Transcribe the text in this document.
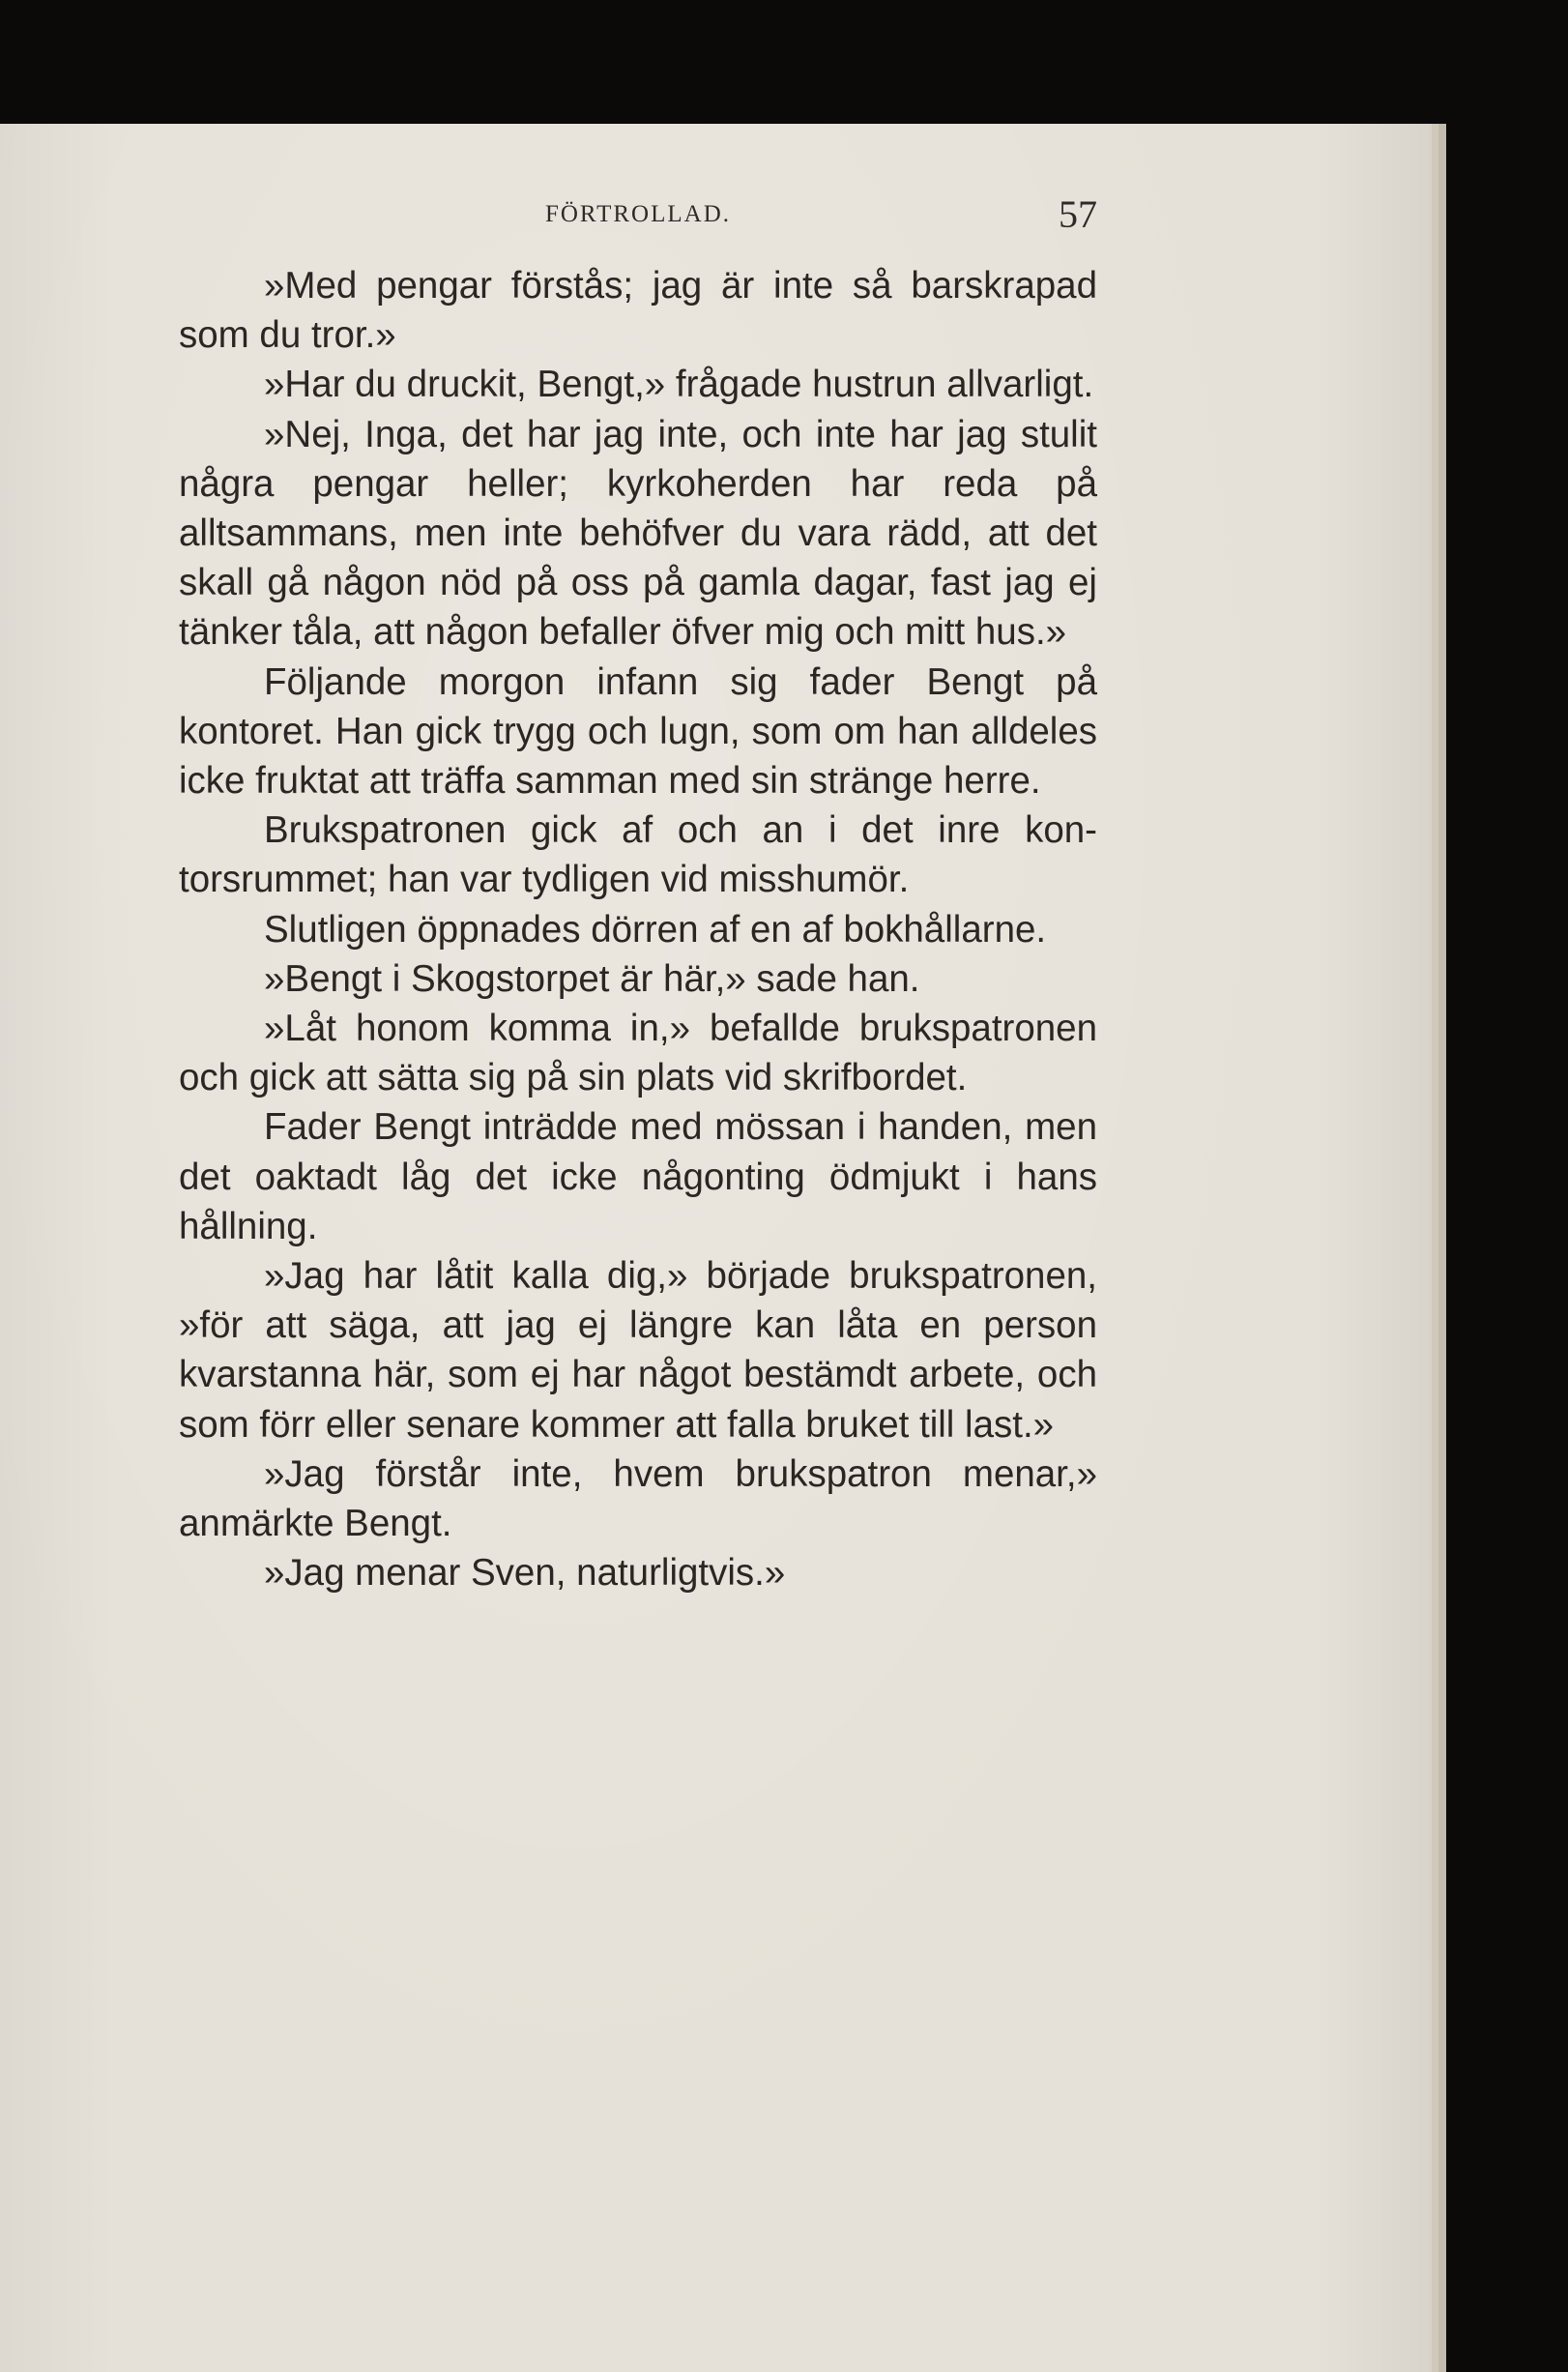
FÖRTROLLAD.	57

»Med pengar förstås; jag är inte så barskrapad som du tror.»

»Har du druckit, Bengt,» frågade hustrun allvarligt.

»Nej, Inga, det har jag inte, och inte har jag stulit några pengar heller; kyrkoherden har reda på alltsammans, men inte behöfver du vara rädd, att det skall gå någon nöd på oss på gamla dagar, fast jag ej tänker tåla, att någon befaller öfver mig och mitt hus.»

Följande morgon infann sig fader Bengt på kontoret. Han gick trygg och lugn, som om han alldeles icke fruktat att träffa samman med sin stränge herre.

Brukspatronen gick af och an i det inre kontorsrummet; han var tydligen vid misshumör.

Slutligen öppnades dörren af en af bokhållarne.

»Bengt i Skogstorpet är här,» sade han.

»Låt honom komma in,» befallde brukspatronen och gick att sätta sig på sin plats vid skrifbordet.

Fader Bengt inträdde med mössan i handen, men det oaktadt låg det icke någonting ödmjukt i hans hållning.

»Jag har låtit kalla dig,» började brukspatronen, »för att säga, att jag ej längre kan låta en person kvarstanna här, som ej har något bestämdt arbete, och som förr eller senare kommer att falla bruket till last.»

»Jag förstår inte, hvem brukspatron menar,» anmärkte Bengt.

»Jag menar Sven, naturligtvis.»
